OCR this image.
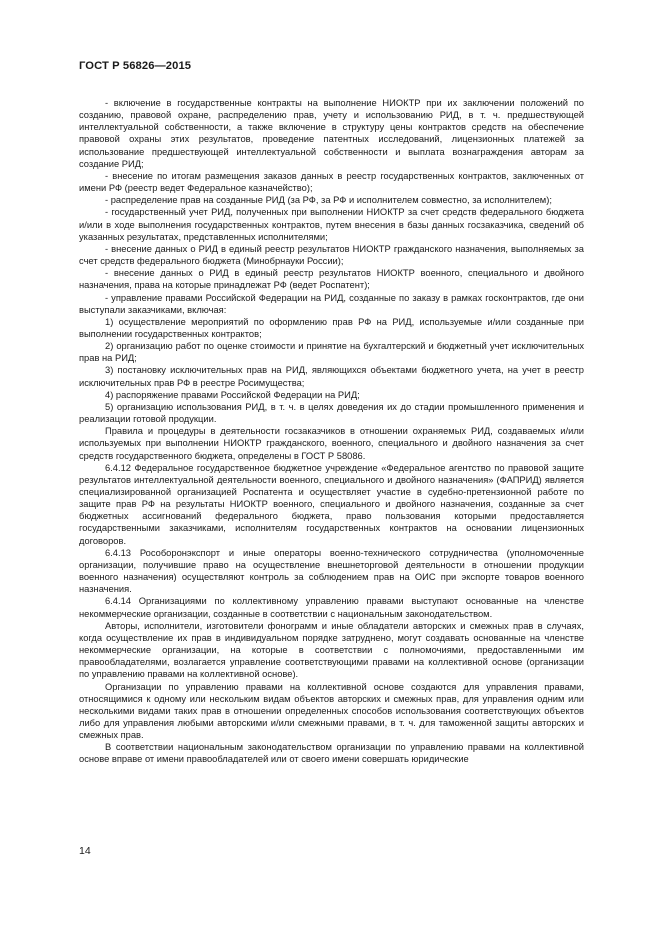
ГОСТ Р 56826—2015

- включение в государственные контракты на выполнение НИОКТР при их заключении положений по созданию, правовой охране, распределению прав, учету и использованию РИД, в т. ч. предшествующей интеллектуальной собственности, а также включение в структуру цены контрактов средств на обеспечение правовой охраны этих результатов, проведение патентных исследований, лицензионных платежей за использование предшествующей интеллектуальной собственности и выплата вознаграждения авторам за создание РИД;

- внесение по итогам размещения заказов данных в реестр государственных контрактов, заключенных от имени РФ (реестр ведет Федеральное казначейство);

- распределение прав на созданные РИД (за РФ, за РФ и исполнителем совместно, за исполнителем);

- государственный учет РИД, полученных при выполнении НИОКТР за счет средств федерального бюджета и/или в ходе выполнения государственных контрактов, путем внесения в базы данных госзаказчика, сведений об указанных результатах, представленных исполнителями;

- внесение данных о РИД в единый реестр результатов НИОКТР гражданского назначения, выполняемых за счет средств федерального бюджета (Минобрнауки России);

- внесение данных о РИД в единый реестр результатов НИОКТР военного, специального и двойного назначения, права на которые принадлежат РФ (ведет Роспатент);

- управление правами Российской Федерации на РИД, созданные по заказу в рамках госконтрактов, где они выступали заказчиками, включая:

1) осуществление мероприятий по оформлению прав РФ на РИД, используемые и/или созданные при выполнении государственных контрактов;

2) организацию работ по оценке стоимости и принятие на бухгалтерский и бюджетный учет исключительных прав на РИД;

3) постановку исключительных прав на РИД, являющихся объектами бюджетного учета, на учет в реестр исключительных прав РФ в реестре Росимущества;

4) распоряжение правами Российской Федерации на РИД;

5) организацию использования РИД, в т. ч. в целях доведения их до стадии промышленного применения и реализации готовой продукции.

Правила и процедуры в деятельности госзаказчиков в отношении охраняемых РИД, создаваемых и/или используемых при выполнении НИОКТР гражданского, военного, специального и двойного назначения за счет средств государственного бюджета, определены в ГОСТ Р 58086.

6.4.12 Федеральное государственное бюджетное учреждение «Федеральное агентство по правовой защите результатов интеллектуальной деятельности военного, специального и двойного назначения» (ФАПРИД) является специализированной организацией Роспатента и осуществляет участие в судебно-претензионной работе по защите прав РФ на результаты НИОКТР военного, специального и двойного назначения, созданные за счет бюджетных ассигнований федерального бюджета, право пользования которыми предоставляется государственными заказчиками, исполнителям государственных контрактов на основании лицензионных договоров.

6.4.13 Рособоронэкспорт и иные операторы военно-технического сотрудничества (уполномоченные организации, получившие право на осуществление внешнеторговой деятельности в отношении продукции военного назначения) осуществляют контроль за соблюдением прав на ОИС при экспорте товаров военного назначения.

6.4.14 Организациями по коллективному управлению правами выступают основанные на членстве некоммерческие организации, созданные в соответствии с национальным законодательством.

Авторы, исполнители, изготовители фонограмм и иные обладатели авторских и смежных прав в случаях, когда осуществление их прав в индивидуальном порядке затруднено, могут создавать основанные на членстве некоммерческие организации, на которые в соответствии с полномочиями, предоставленными им правообладателями, возлагается управление соответствующими правами на коллективной основе (организации по управлению правами на коллективной основе).

Организации по управлению правами на коллективной основе создаются для управления правами, относящимися к одному или нескольким видам объектов авторских и смежных прав, для управления одним или несколькими видами таких прав в отношении определенных способов использования соответствующих объектов либо для управления любыми авторскими и/или смежными правами, в т. ч. для таможенной защиты авторских и смежных прав.

В соответствии национальным законодательством организации по управлению правами на коллективной основе вправе от имени правообладателей или от своего имени совершать юридические

14
